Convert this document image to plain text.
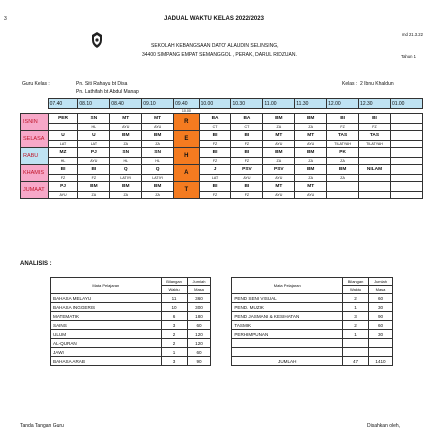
3	JADUAL WAKTU KELAS 2022/2023
md 21.3.22
SEKOLAH KEBANGSAAN DATO' ALAUDIN SELINSING,
34400 SIMPANG EMPAT SEMANGGOL , PERAK, DARUL RIDZUAN.	Tahun 1
Guru Kelas :	Pn. Siti Rahayu bt Disa
Pn. Lathifah bt Abdul Manap
Kelas : 2 Ibnu Khaldun
	07.40	08.10	08.40	09.10	09.40	10.00	10.30	11.00	11.30	12.00	12.30	01.00
					10.00							
ISNIN	PER	SN	MT	MT	R	BA	BA	BM	BM	BI	BI	
		HL	AYU	AYU		CT	CT	ZA	ZA	FZ	FZ	
SELASA	U	U	BM	BM	E	BI	BI	MT	MT	TAS	TAS	
	LAT	LAT	ZA	ZA		FZ	FZ	AYU	AYU	TILATYAH	TILATYAH	
RABU	MZ	PJ	SN	SN	H	BI	BI	BM	BM	PK		
	HL	AYU	HL	HL		FZ	FZ	ZA	ZA	ZA		
KHAMIS	BI	BI	Q	Q	A	J	PSV	PSV	BM	BM	NILAM	
	FZ	FZ	LATIYI	LATIYI		LAT	AYU	AYU	ZA	ZA		
JUMAAT	PJ	BM	BM	BM	T	BI	BI	MT	MT			
	AYU	ZA	ZA	ZA		FZ	FZ	AYU	AYU			
ANALISIS :
Mata Pelajaran	Bilangan	Jumlah		Mata Pelajaran	Bilangan	Jumlah
	Waktu	Masa			Waktu	Masa
BAHASA MELAYU	11	360		PEND SENI VISUAL	2	60
BAHASA INGGERIS	10	300		PEND. MUZIK	1	30
MATEMATIK	6	180		PEND JASMANI & KESIHATAN	3	90
SAINS	3	60		TASMIK	2	60
ULUM	2	120		PERHIMPUNAN	1	30
AL-QURAN	2	120				
JAWI	1	60				
BAHASA ARAB	3	90		JUMLAH	47	1410
Tanda Tangan Guru	Disahkan oleh,
